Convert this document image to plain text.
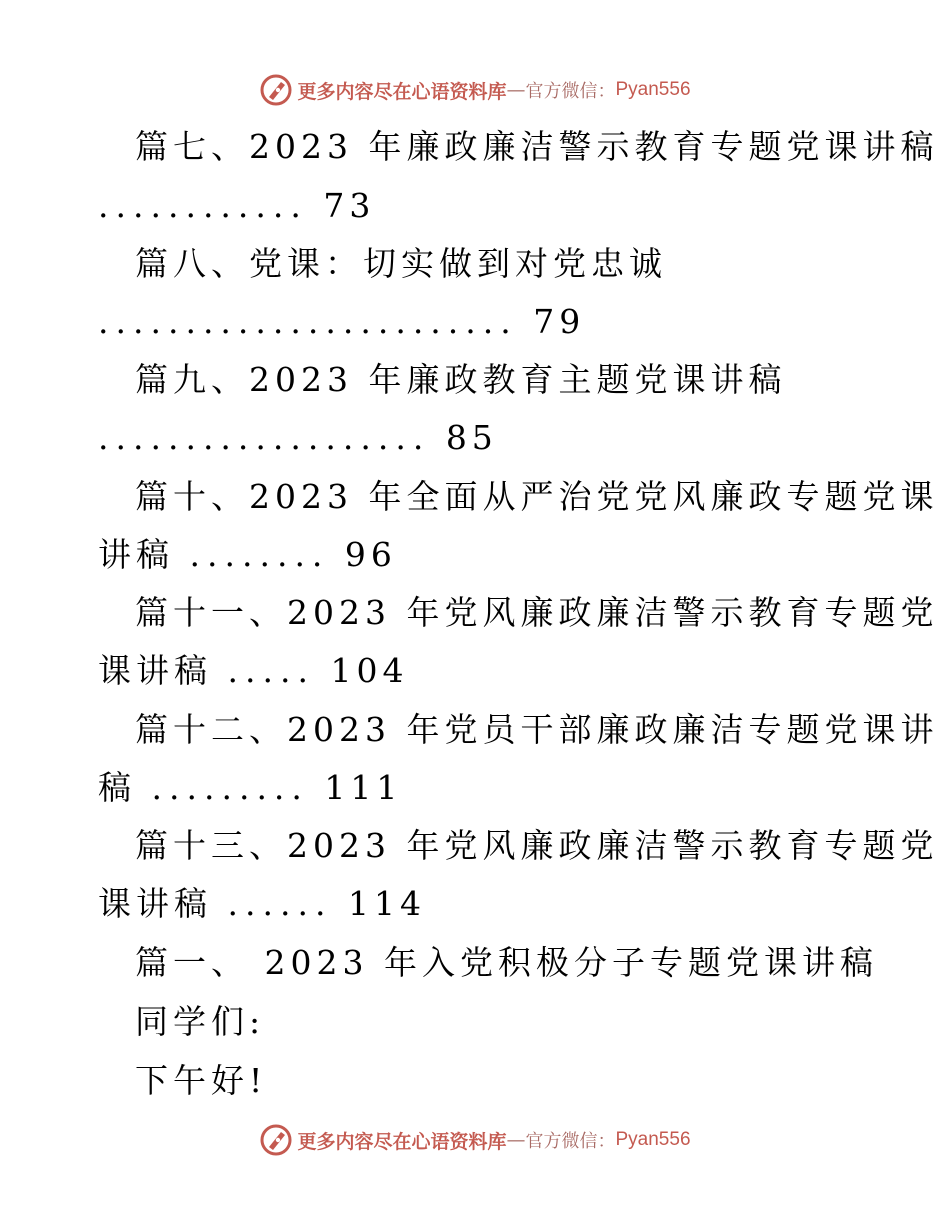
更多内容尽在心语资料库 — 官方微信： Pyan556
篇七、2023 年廉政廉洁警示教育专题党课讲稿
............ 73
篇八、党课：切实做到对党忠诚
........................ 79
篇九、2023 年廉政教育主题党课讲稿
................... 85
篇十、2023 年全面从严治党党风廉政专题党课
讲稿 ........ 96
篇十一、2023 年党风廉政廉洁警示教育专题党
课讲稿 ..... 104
篇十二、2023 年党员干部廉政廉洁专题党课讲
稿 ......... 111
篇十三、2023 年党风廉政廉洁警示教育专题党
课讲稿 ...... 114
篇一、 2023 年入党积极分子专题党课讲稿
同学们:
下午好!
更多内容尽在心语资料库 — 官方微信： Pyan556
